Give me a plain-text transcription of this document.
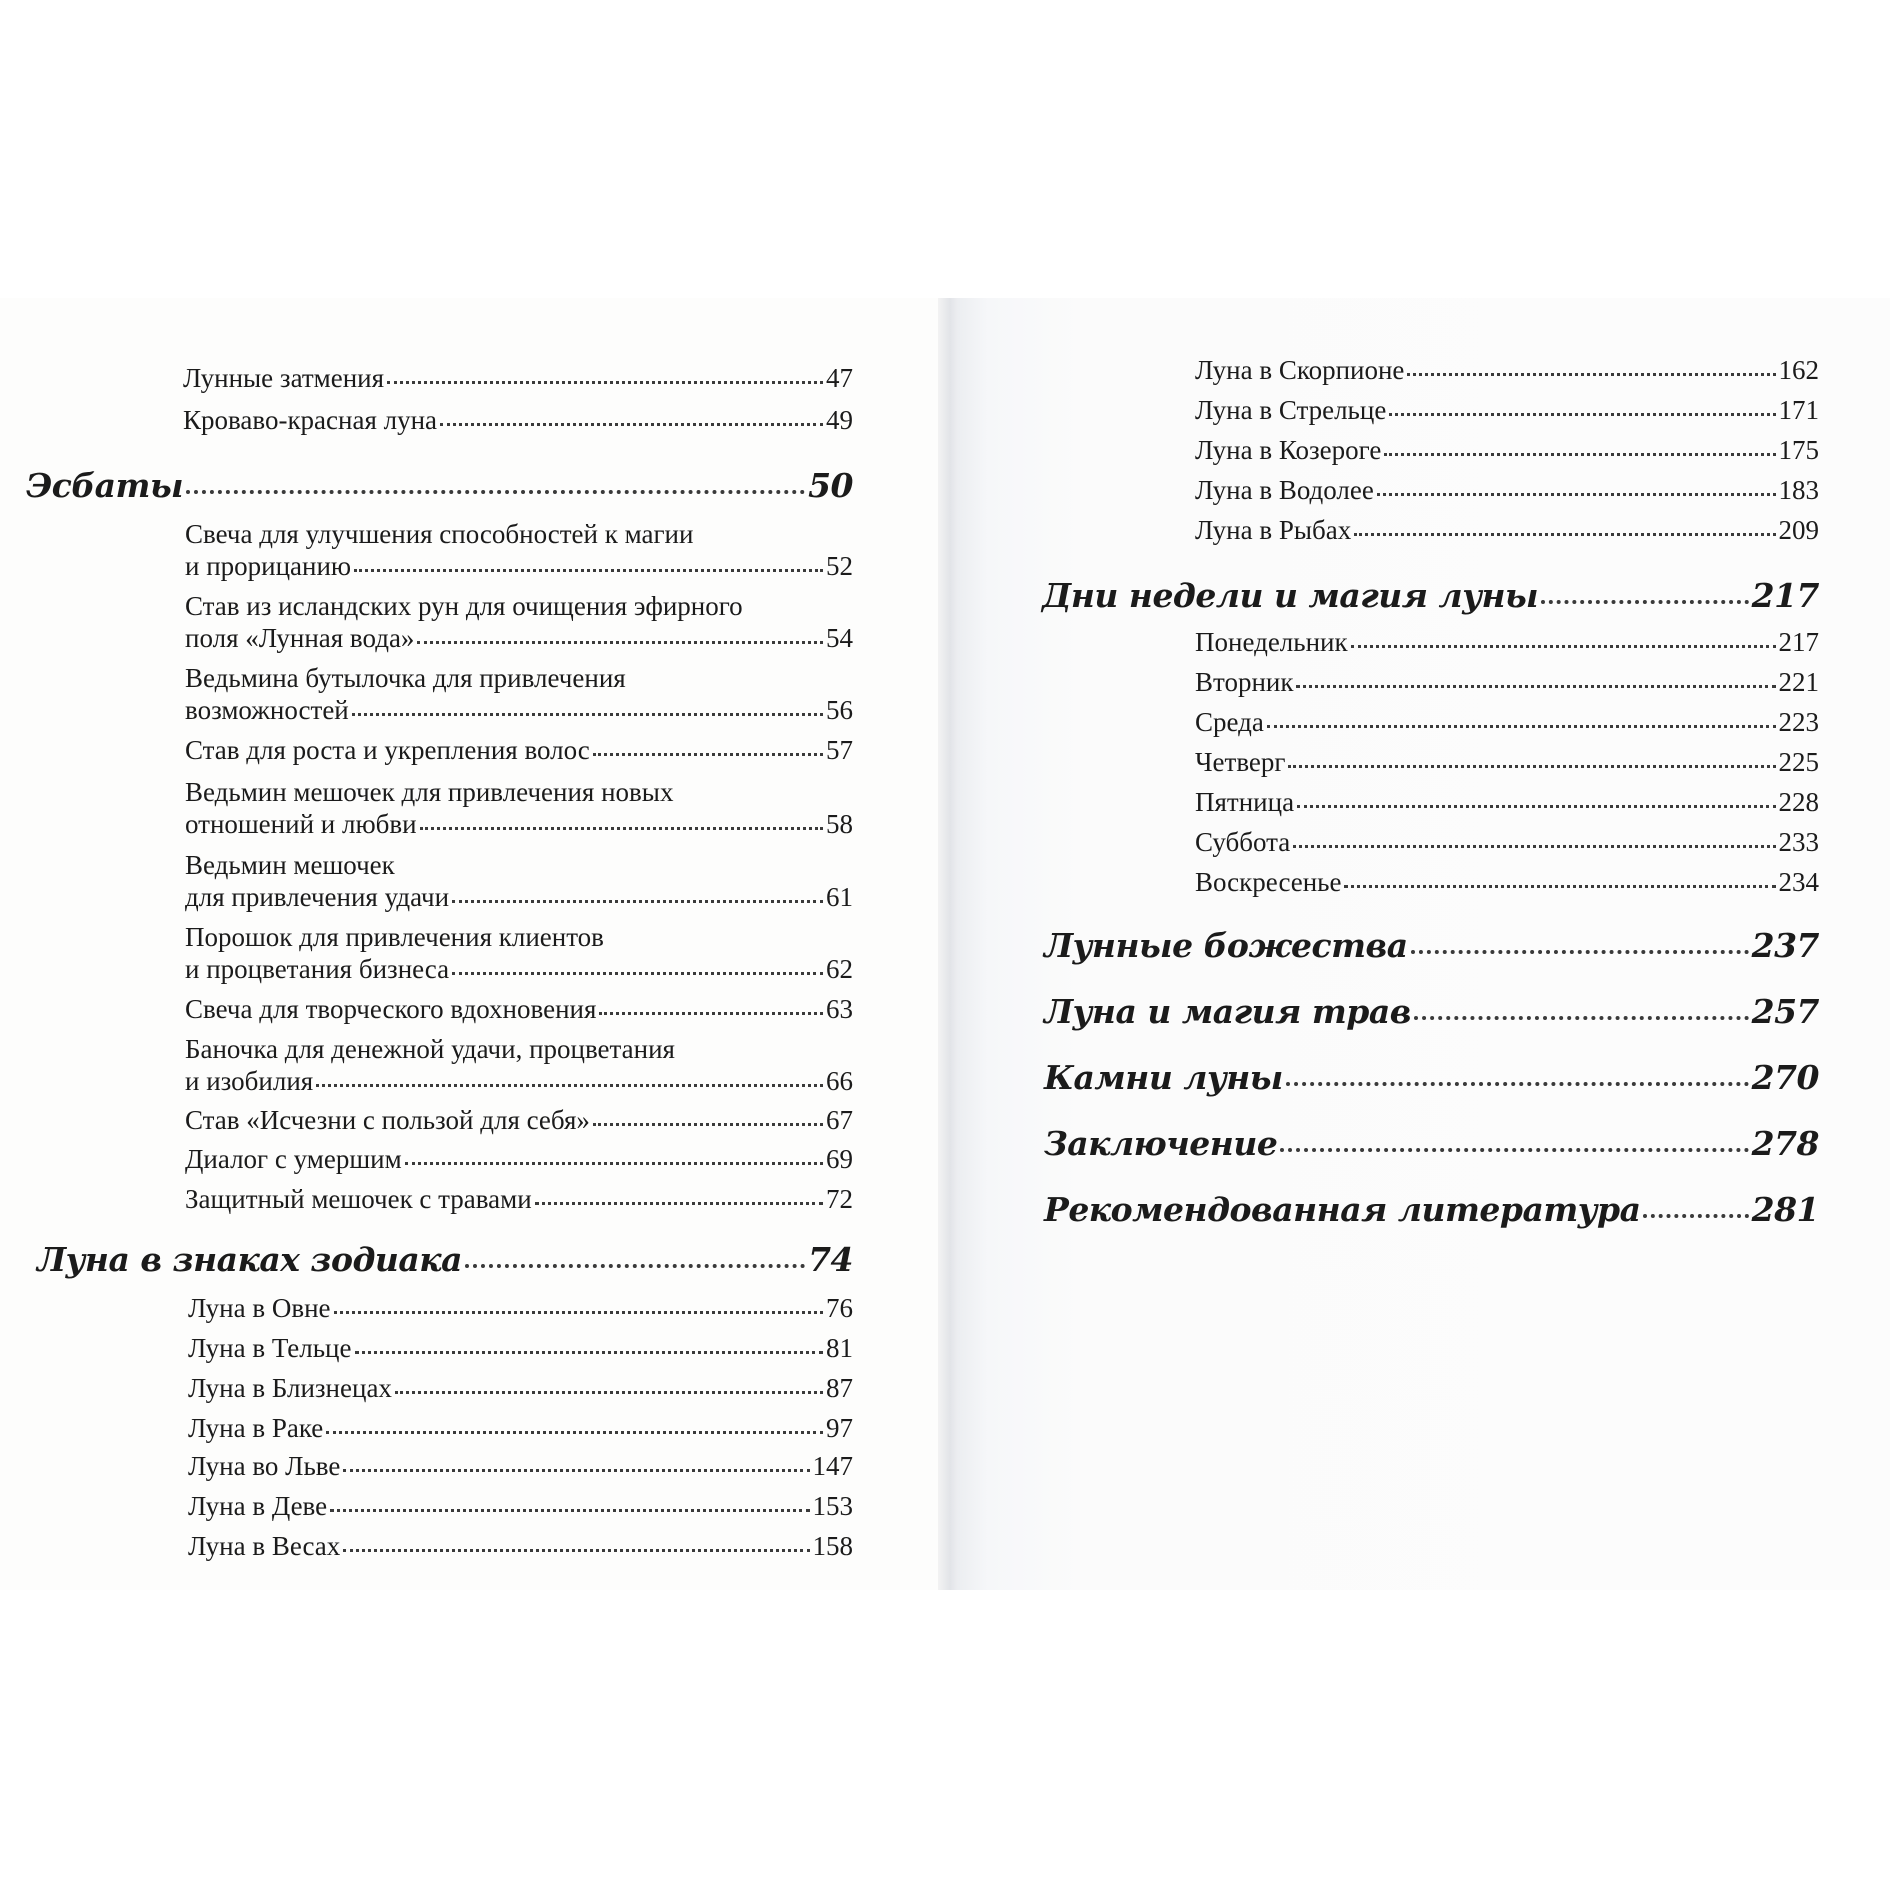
Лунные затмения	47
Кроваво-красная луна	49
Эсбаты	50
Свеча для улучшения способностей к магии
и прорицанию	52
Став из исландских рун для очищения эфирного
поля «Лунная вода»	54
Ведьмина бутылочка для привлечения
возможностей	56
Став для роста и укрепления волос	57
Ведьмин мешочек для привлечения новых
отношений и любви	58
Ведьмин мешочек
для привлечения удачи	61
Порошок для привлечения клиентов
и процветания бизнеса	62
Свеча для творческого вдохновения	63
Баночка для денежной удачи, процветания
и изобилия	66
Став «Исчезни с пользой для себя»	67
Диалог с умершим	69
Защитный мешочек с травами	72
Луна в знаках зодиака	74
Луна в Овне	76
Луна в Тельце	81
Луна в Близнецах	87
Луна в Раке	97
Луна во Льве	147
Луна в Деве	153
Луна в Весах	158
Луна в Скорпионе	162
Луна в Стрельце	171
Луна в Козероге	175
Луна в Водолее	183
Луна в Рыбах	209
Дни недели и магия луны	217
Понедельник	217
Вторник	221
Среда	223
Четверг	225
Пятница	228
Суббота	233
Воскресенье	234
Лунные божества	237
Луна и магия трав	257
Камни луны	270
Заключение	278
Рекомендованная литература	281
